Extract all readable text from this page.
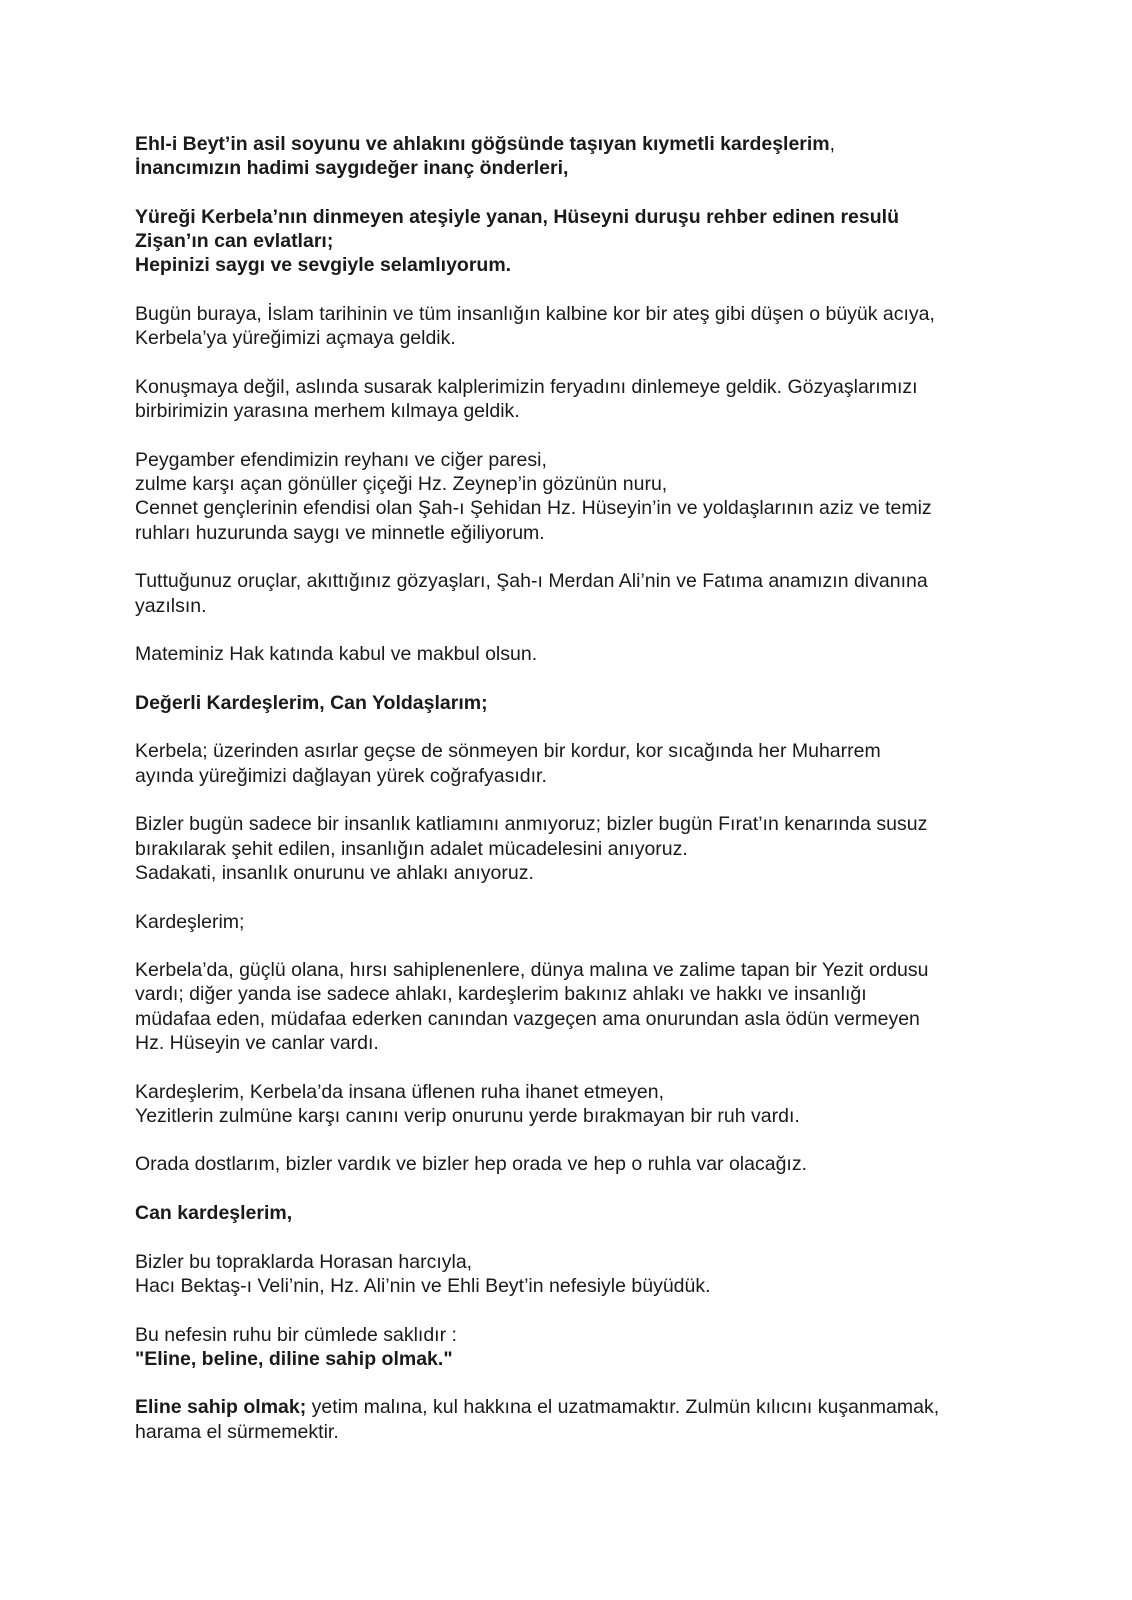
Ehl-i Beyt’in asil soyunu ve ahlakını göğsünde taşıyan kıymetli kardeşlerim,
İnancımızın hadimi saygıdeğer inanç önderleri,

Yüreği Kerbela’nın dinmeyen ateşiyle yanan, Hüseyni duruşu rehber edinen resulü
Zişan’ın can evlatları;
Hepinizi saygı ve sevgiyle selamlıyorum.

Bugün buraya, İslam tarihinin ve tüm insanlığın kalbine kor bir ateş gibi düşen o büyük acıya,
Kerbela’ya yüreğimizi açmaya geldik.

Konuşmaya değil, aslında susarak kalplerimizin feryadını dinlemeye geldik. Gözyaşlarımızı
birbirimizin yarasına merhem kılmaya geldik.

Peygamber efendimizin reyhanı ve ciğer paresi,
zulme karşı açan gönüller çiçeği Hz. Zeynep’in gözünün nuru,
Cennet gençlerinin efendisi olan Şah-ı Şehidan Hz. Hüseyin’in ve yoldaşlarının aziz ve temiz
ruhları huzurunda saygı ve minnetle eğiliyorum.

Tuttuğunuz oruçlar, akıttığınız gözyaşları, Şah-ı Merdan Ali’nin ve Fatıma anamızın divanına
yazılsın.

Mateminiz Hak katında kabul ve makbul olsun.

Değerli Kardeşlerim, Can Yoldaşlarım;

Kerbela; üzerinden asırlar geçse de sönmeyen bir kordur, kor sıcağında her Muharrem
ayında yüreğimizi dağlayan yürek coğrafyasıdır.

Bizler bugün sadece bir insanlık katliamını anmıyoruz; bizler bugün Fırat’ın kenarında susuz
bırakılarak şehit edilen, insanlığın adalet mücadelesini anıyoruz.
Sadakati, insanlık onurunu ve ahlakı anıyoruz.

Kardeşlerim;

Kerbela’da, güçlü olana, hırsı sahiplenenlere, dünya malına ve zalime tapan bir Yezit ordusu
vardı; diğer yanda ise sadece ahlakı, kardeşlerim bakınız ahlakı ve hakkı ve insanlığı
müdafaa eden, müdafaa ederken canından vazgeçen ama onurundan asla ödün vermeyen
Hz. Hüseyin ve canlar vardı.

Kardeşlerim, Kerbela’da insana üflenen ruha ihanet etmeyen,
Yezitlerin zulmüne karşı canını verip onurunu yerde bırakmayan bir ruh vardı.

Orada dostlarım, bizler vardık ve bizler hep orada ve hep o ruhla var olacağız.

Can kardeşlerim,

Bizler bu topraklarda Horasan harcıyla,
Hacı Bektaş-ı Veli’nin, Hz. Ali’nin ve Ehli Beyt’in nefesiyle büyüdük.

Bu nefesin ruhu bir cümlede saklıdır :
"Eline, beline, diline sahip olmak."

Eline sahip olmak; yetim malına, kul hakkına el uzatmamaktır. Zulmün kılıcını kuşanmamak,
harama el sürmemektir.
